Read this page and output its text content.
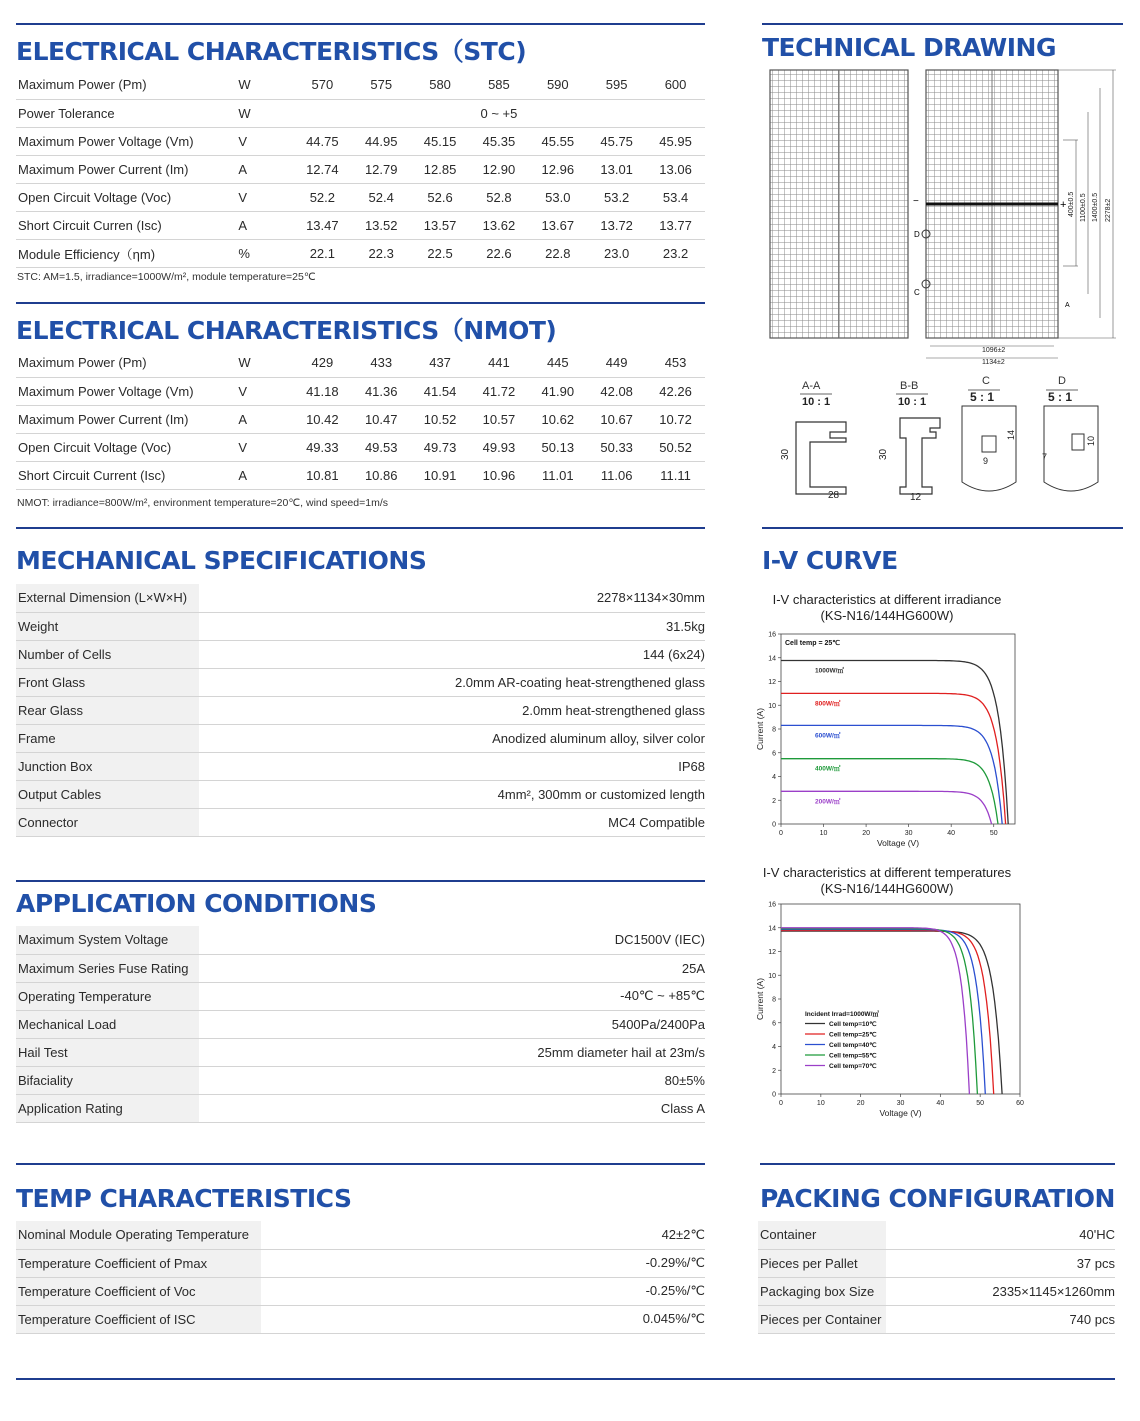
ELECTRICAL CHARACTERISTICS（STC)
Maximum Power (Pm)	W	570	575	580	585	590	595	600
Power Tolerance	W	0 ~ +5						
Maximum Power Voltage (Vm)	V	44.75	44.95	45.15	45.35	45.55	45.75	45.95
Maximum Power Current (Im)	A	12.74	12.79	12.85	12.90	12.96	13.01	13.06
Open Circuit Voltage (Voc)	V	52.2	52.4	52.6	52.8	53.0	53.2	53.4
Short Circuit Curren (Isc)	A	13.47	13.52	13.57	13.62	13.67	13.72	13.77
Module Efficiency（ηm)	%	22.1	22.3	22.5	22.6	22.8	23.0	23.2
STC: AM=1.5, irradiance=1000W/m², module temperature=25℃
ELECTRICAL CHARACTERISTICS（NMOT)
Maximum Power (Pm)	W	429	433	437	441	445	449	453
Maximum Power Voltage (Vm)	V	41.18	41.36	41.54	41.72	41.90	42.08	42.26
Maximum Power Current (Im)	A	10.42	10.47	10.52	10.57	10.62	10.67	10.72
Open Circuit Voltage (Voc)	V	49.33	49.53	49.73	49.93	50.13	50.33	50.52
Short Circuit Current (Isc)	A	10.81	10.86	10.91	10.96	11.01	11.06	11.11
NMOT: irradiance=800W/m², environment temperature=20℃, wind speed=1m/s
MECHANICAL SPECIFICATIONS
External Dimension (L×W×H)	2278×1134×30mm
Weight	31.5kg
Number of Cells	144 (6x24)
Front Glass	2.0mm AR-coating heat-strengthened glass
Rear Glass	2.0mm heat-strengthened glass
Frame	Anodized aluminum alloy, silver color
Junction Box	IP68
Output Cables	4mm², 300mm or customized length
Connector	MC4 Compatible
APPLICATION CONDITIONS
Maximum System Voltage	DC1500V (IEC)
Maximum Series Fuse Rating	25A
Operating Temperature	-40℃ ~ +85℃
Mechanical Load	5400Pa/2400Pa
Hail Test	25mm diameter hail at 23m/s
Bifaciality	80±5%
Application Rating	Class A
TEMP CHARACTERISTICS
Nominal Module Operating Temperature	42±2℃
Temperature Coefficient of Pmax	-0.29%/℃
Temperature Coefficient of Voc	-0.25%/℃
Temperature Coefficient of ISC	0.045%/℃
PACKING CONFIGURATION
Container	40'HC
Pieces per Pallet	37 pcs
Packaging box Size	2335×1145×1260mm
Pieces per Container	740 pcs
TECHNICAL DRAWING
D
C
−	+
A
400±0.5 1100±0.5 1400±0.5 2278±2
1096±2
1134±2
A-A
10 : 1
30
28
B-B
10 : 1
30
12
C
5 : 1
14
9
D
5 : 1
10
7
I-V CURVE
I-V characteristics at different irradiance
(KS-N16/144HG600W)
0	10	20	30	40	50
0
2
4
6
8
10
12
14
16
Voltage (V)
Current (A)
1000W/㎡
800W/㎡
600W/㎡
400W/㎡
200W/㎡
Cell temp = 25℃
I-V characteristics at different temperatures
(KS-N16/144HG600W)
0	10	20	30	40	50	60
0
2
4
6
8
10
12
14
16
Voltage (V)
Current (A)	Incident Irrad=1000W/㎡
Cell temp=10℃
Cell temp=25℃
Cell temp=40℃
Cell temp=55℃
Cell temp=70℃
